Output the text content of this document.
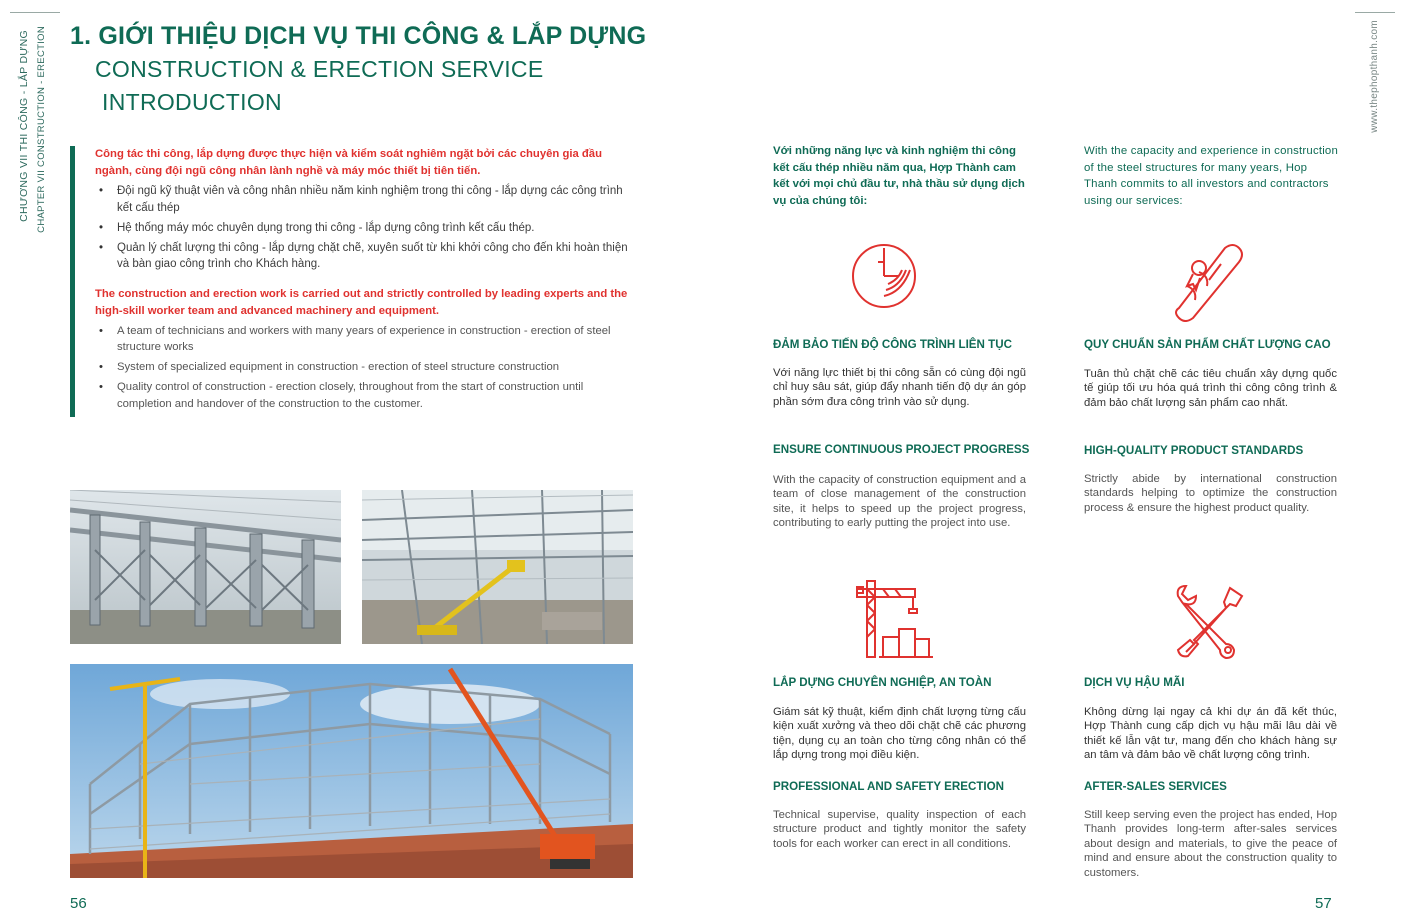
CHƯƠNG VII THI CÔNG - LẮP DỰNG CHAPTER VII CONSTRUCTION - ERECTION 1. GIỚI THIỆU DỊCH VỤ THI CÔNG & LẮP DỰNG
CONSTRUCTION & ERECTION SERVICE
INTRODUCTION

Công tác thi công, lắp dựng được thực hiện và kiểm soát nghiêm ngặt bởi các chuyên gia đầu ngành, cùng đội ngũ công nhân lành nghề và máy móc thiết bị tiên tiến.

• Đội ngũ kỹ thuật viên và công nhân nhiều năm kinh nghiệm trong thi công - lắp dựng các công trình kết cấu thép
• Hệ thống máy móc chuyên dụng trong thi công - lắp dựng công trình kết cấu thép.
• Quản lý chất lượng thi công - lắp dựng chặt chẽ, xuyên suốt từ khi khởi công cho đến khi hoàn thiện và bàn giao công trình cho Khách hàng.

The construction and erection work is carried out and strictly controlled by leading experts and the high-skill worker team and advanced machinery and equipment.

• A team of technicians and workers with many years of experience in construction - erection of steel structure works
• System of specialized equipment in construction - erection of steel structure construction
• Quality control of construction - erection closely, throughout from the start of construction until completion and handover of the construction to the customer.
56
www.thephopthanh.com

Với những năng lực và kinh nghiệm thi công kết cấu thép nhiều năm qua, Hợp Thành cam kết với mọi chủ đầu tư, nhà thầu sử dụng dịch vụ của chúng tôi:

With the capacity and experience in construction of the steel structures for many years, Hop Thanh commits to all investors and contractors using our services:

ĐẢM BẢO TIẾN ĐỘ CÔNG TRÌNH LIÊN TỤC

Với năng lực thiết bị thi công sẵn có cùng đội ngũ chỉ huy sâu sát, giúp đẩy nhanh tiến độ dự án góp phần sớm đưa công trình vào sử dụng.

ENSURE CONTINUOUS PROJECT PROGRESS

With the capacity of construction equipment and a team of close management of the construction site, it helps to speed up the project progress, contributing to early putting the project into use.

QUY CHUẨN SẢN PHẨM CHẤT LƯỢNG CAO

Tuân thủ chặt chẽ các tiêu chuẩn xây dựng quốc tế giúp tối ưu hóa quá trình thi công công trình & đảm bảo chất lượng sản phẩm cao nhất.

HIGH-QUALITY PRODUCT STANDARDS

Strictly abide by international construction standards helping to optimize the construction process & ensure the highest product quality.

LẮP DỰNG CHUYÊN NGHIỆP, AN TOÀN

Giám sát kỹ thuật, kiểm định chất lượng từng cấu kiện xuất xưởng và theo dõi chặt chẽ các phương tiện, dụng cụ an toàn cho từng công nhân có thể lắp dựng trong mọi điều kiện.

PROFESSIONAL AND SAFETY ERECTION

Technical supervise, quality inspection of each structure product and tightly monitor the safety tools for each worker can erect in all conditions.

DỊCH VỤ HẬU MÃI

Không dừng lại ngay cả khi dự án đã kết thúc, Hợp Thành cung cấp dịch vụ hậu mãi lâu dài về thiết kế lẫn vật tư, mang đến cho khách hàng sự an tâm và đảm bảo về chất lượng công trình.

AFTER-SALES SERVICES

Still keep serving even the project has ended, Hop Thanh provides long-term after-sales services about design and materials, to give the peace of mind and ensure about the construction quality to customers.

57
